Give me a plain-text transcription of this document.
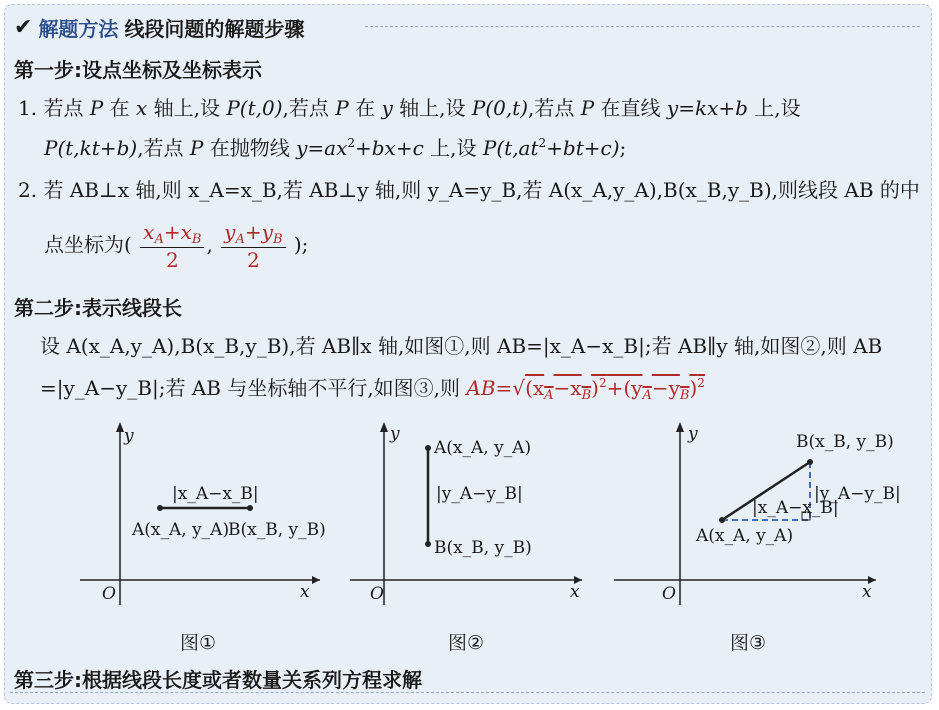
✔ 解题方法 线段问题的解题步骤
第一步:设点坐标及坐标表示
1. 若点 P 在 x 轴上,设 P(t,0),若点 P 在 y 轴上,设 P(0,t),若点 P 在直线 y=kx+b 上,设
P(t,kt+b),若点 P 在抛物线 $y=ax^2+bx+c$ 上,设 $P(t,at^2+bt+c)$;
2. 若 AB⊥x 轴,则 x_A=x_B,若 AB⊥y 轴,则 y_A=y_B,若 A(x_A,y_A),B(x_B,y_B),则线段 AB 的中
点坐标为( $\frac{x_A+x_B}{2}$ , $\frac{y_A+y_B}{2}$ );
第二步:表示线段长
设 A(x_A,y_A),B(x_B,y_B),若 AB∥x 轴,如图①,则 AB=|x_A−x_B|;若 AB∥y 轴,如图②,则 AB
=|y_A−y_B|;若 AB 与坐标轴不平行,如图③,则 $AB=√(x_A-x_B)^2+(y_A-y_B)^2$
y
x
O
|x_A−x_B|
A(x_A, y_A)
B(x_B, y_B)
图①
y
x
O
A(x_A, y_A)
|y_A−y_B|
B(x_B, y_B)
图②
y
x
O
B(x_B, y_B)
|y_A−y_B|
|x_A−x_B|
A(x_A, y_A)
图③
第三步:根据线段长度或者数量关系列方程求解
